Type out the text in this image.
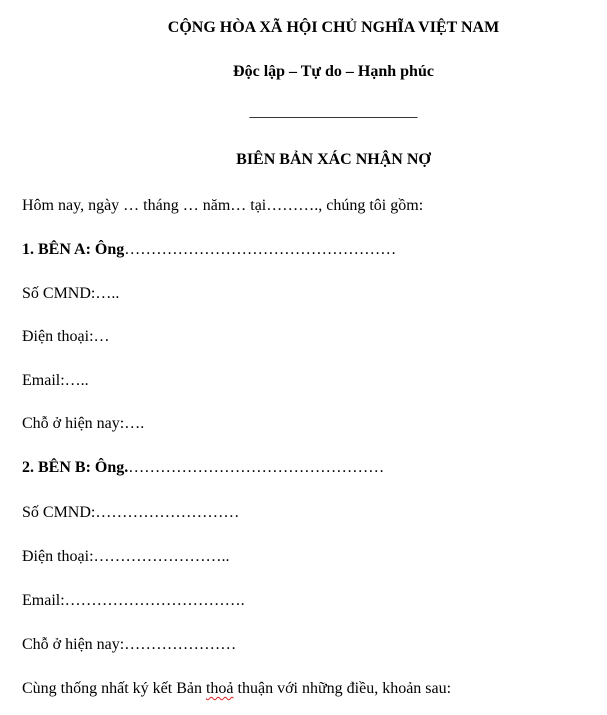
CỘNG HÒA XÃ HỘI CHỦ NGHĨA VIỆT NAM
Độc lập – Tự do – Hạnh phúc
_____________________
BIÊN BẢN XÁC NHẬN NỢ
Hôm nay, ngày … tháng … năm… tại………., chúng tôi gồm:
1. BÊN A: Ông……………………………………………
Số CMND:…..
Điện thoại:…
Email:…..
Chỗ ở hiện nay:….
2. BÊN B: Ông.…………………………………………
Số CMND:………………………
Điện thoại:……………………..
Email:…………………………….
Chỗ ở hiện nay:…………………
Cùng thống nhất ký kết Bản thoả thuận với những điều, khoản sau:
